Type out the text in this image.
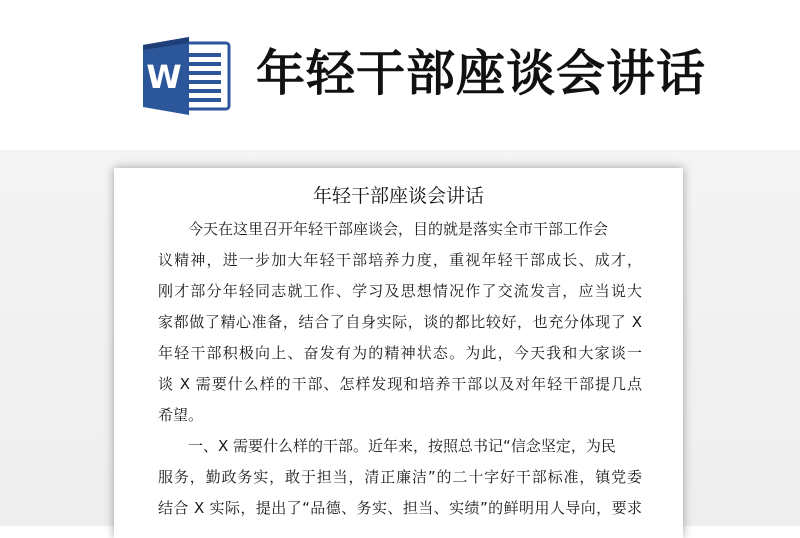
W 年轻干部座谈会讲话
年轻干部座谈会讲话
今天在这里召开年轻干部座谈会，目的就是落实全市干部工作会
议精神，进一步加大年轻干部培养力度，重视年轻干部成长、成才，
刚才部分年轻同志就工作、学习及思想情况作了交流发言，应当说大
家都做了精心准备，结合了自身实际，谈的都比较好，也充分体现了 X
年轻干部积极向上、奋发有为的精神状态。为此，今天我和大家谈一
谈 X 需要什么样的干部、怎样发现和培养干部以及对年轻干部提几点
希望。
一、X 需要什么样的干部。近年来，按照总书记“信念坚定，为民
服务，勤政务实，敢于担当，清正廉洁”的二十字好干部标准，镇党委
结合 X 实际，提出了“品德、务实、担当、实绩”的鲜明用人导向，要求
